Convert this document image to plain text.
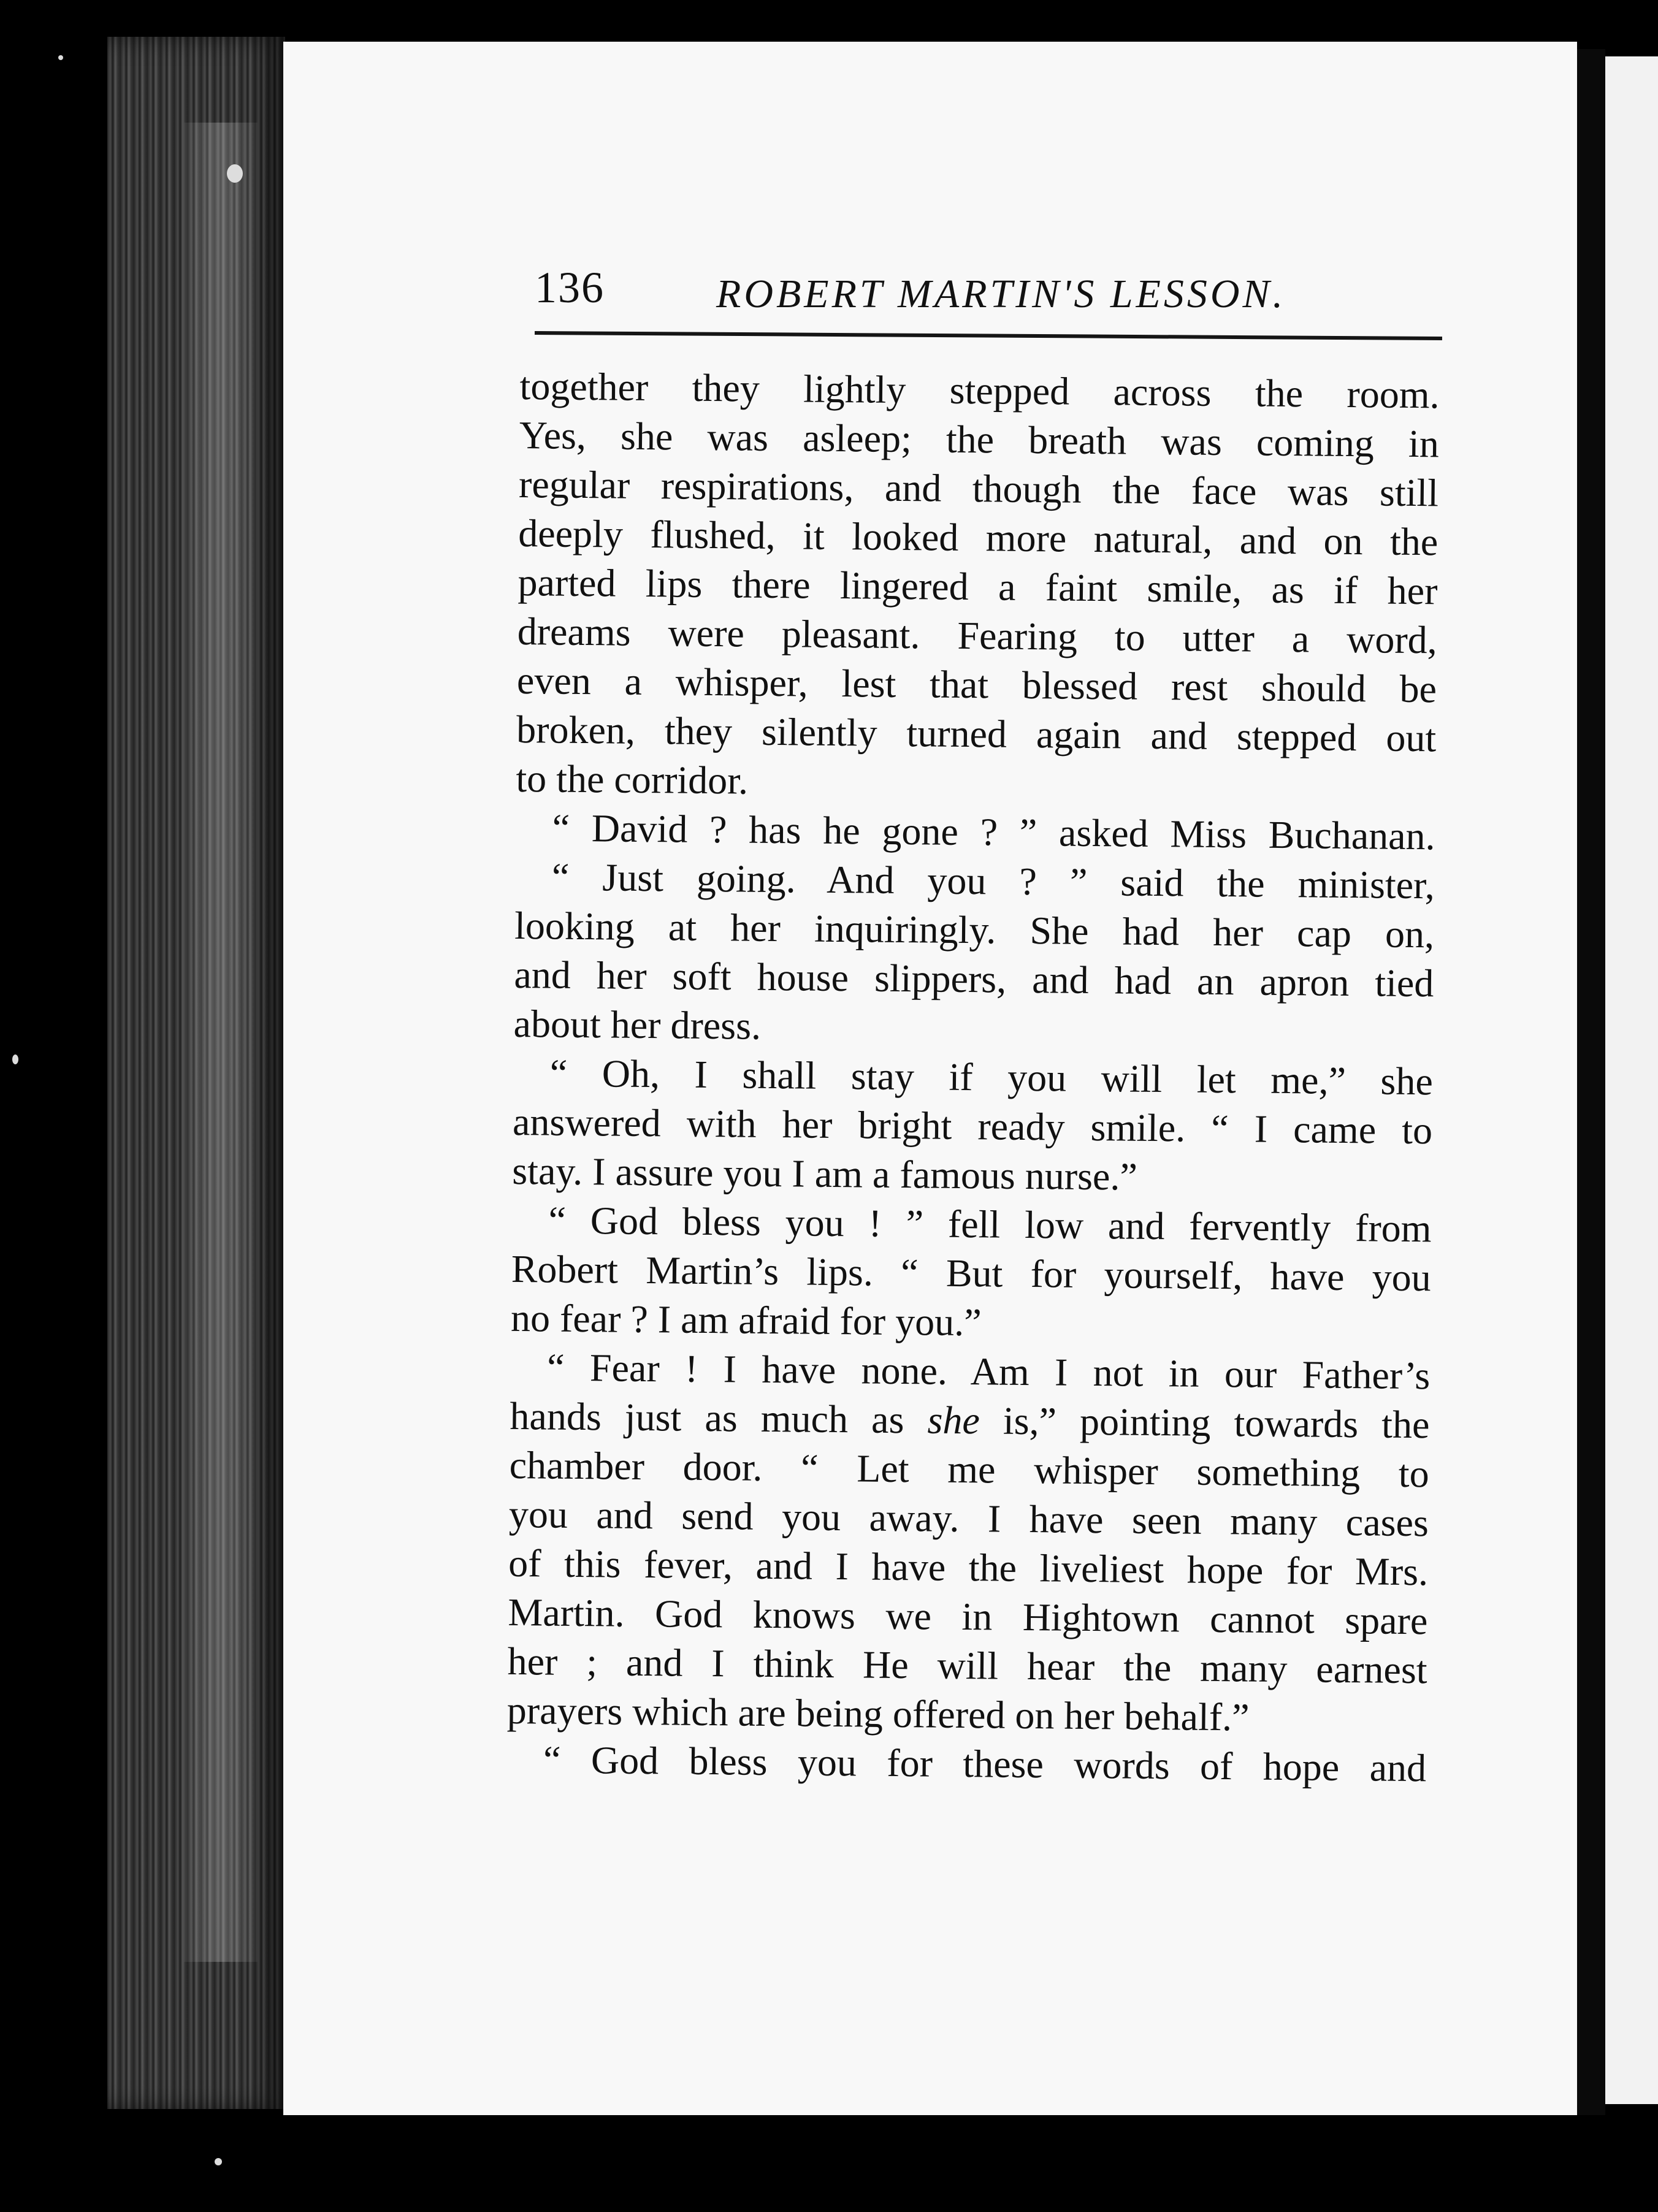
136	ROBERT MARTIN'S LESSON.
together they lightly stepped across the room.
Yes, she was asleep; the breath was coming in
regular respirations, and though the face was still
deeply flushed, it looked more natural, and on the
parted lips there lingered a faint smile, as if her
dreams were pleasant. Fearing to utter a word,
even a whisper, lest that blessed rest should be
broken, they silently turned again and stepped out
to the corridor.
“ David ? has he gone ? ” asked Miss Buchanan.
“ Just going. And you ? ” said the minister,
looking at her inquiringly. She had her cap on,
and her soft house slippers, and had an apron tied
about her dress.
“ Oh, I shall stay if you will let me,” she
answered with her bright ready smile. “ I came to
stay. I assure you I am a famous nurse.”
“ God bless you ! ” fell low and fervently from
Robert Martin’s lips. “ But for yourself, have you
no fear ? I am afraid for you.”
“ Fear ! I have none. Am I not in our Father’s
hands just as much as she is,” pointing towards the
chamber door. “ Let me whisper something to
you and send you away. I have seen many cases
of this fever, and I have the liveliest hope for Mrs.
Martin. God knows we in Hightown cannot spare
her ; and I think He will hear the many earnest
prayers which are being offered on her behalf.”
“ God bless you for these words of hope and
